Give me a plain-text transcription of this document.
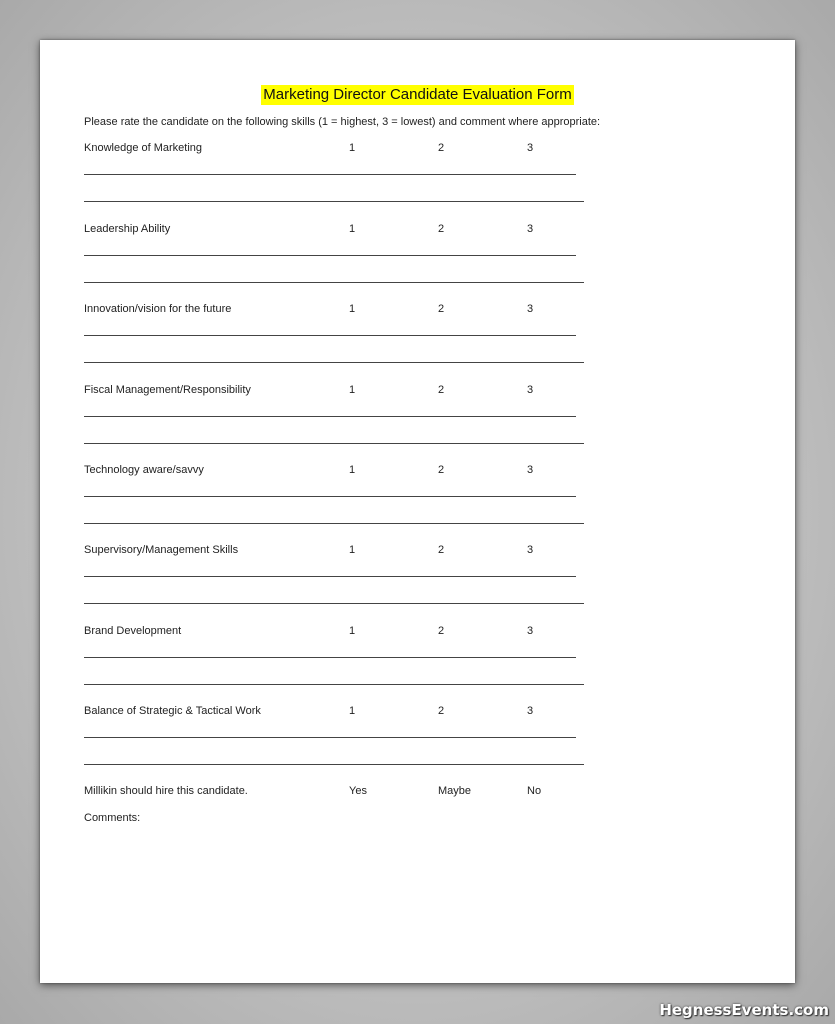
Marketing Director Candidate Evaluation Form
Please rate the candidate on the following skills (1 = highest, 3 = lowest) and comment where appropriate:
Knowledge of Marketing	1	2	3
Leadership Ability	1	2	3
Innovation/vision for the future	1	2	3
Fiscal Management/Responsibility	1	2	3
Technology aware/savvy	1	2	3
Supervisory/Management Skills	1	2	3
Brand Development	1	2	3
Balance of Strategic & Tactical Work	1	2	3
Millikin should hire this candidate.	Yes	Maybe	No
Comments:
HegnessEvents.com
